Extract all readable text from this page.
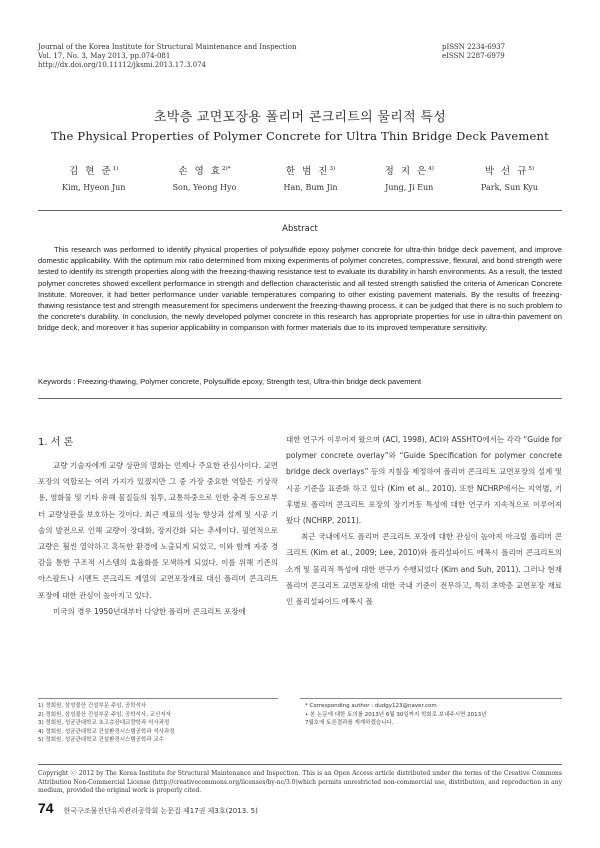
Journal of the Korea Institute for Structural Maintenance and Inspection
Vol. 17, No. 3, May 2013, pp.074-081
http://dx.doi.org/10.11112/jksmi.2013.17.3.074
pISSN 2234-6937
eISSN 2287-6979
초박층 교면포장용 폴리머 콘크리트의 물리적 특성
The Physical Properties of Polymer Concrete for Ultra Thin Bridge Deck Pavement
김 현 준$^{1)}$
Kim, Hyeon Jun
손 영 효$^{2)*}$
Son, Yeong Hyo
한 범 진$^{3)}$
Han, Bum Jin
정 지 은$^{4)}$
Jung, Ji Eun
박 선 규$^{5)}$
Park, Sun Kyu
Abstract

This research was performed to identify physical properties of polysulfide epoxy polymer concrete for ultra-thin bridge deck pavement, and improve domestic applicability. With the optimum mix ratio determined from mixing experiments of polymer concretes, compressive, flexural, and bond strength were tested to identify its strength properties along with the freezing-thawing resistance test to evaluate its durability in harsh environments. As a result, the tested polymer concretes showed excellent performance in strength and deflection characteristic and all tested strength satisfied the criteria of American Concrete Institute. Moreover, it had better performance under variable temperatures comparing to other existing pavement materials. By the results of freezing-thawing resistance test and strength measurement for specimens underwent the freezing-thawing process, it can be judged that there is no such problem to the concrete's durability. In conclusion, the newly developed polymer concrete in this research has appropriate properties for use in ultra-thin pavement on bridge deck, and moreover it has superior applicability in comparison with former materials due to its improved temperature sensitivity.

Keywords : Freezing-thawing, Polymer concrete, Polysulfide epoxy, Strength test, Ultra-thin bridge deck pavement
1. 서 론

교량 기술자에게 교량 상판의 열화는 언제나 주요한 관심사이다. 교면포장의 역할로는 여러 가지가 있겠지만 그 중 가장 중요한 역할은 기상작용, 염화물 및 기타 유해 물질들의 침투, 교통하중으로 인한 충격 등으로부터 교량상판을 보호하는 것이다. 최근 재료의 성능 향상과 설계 및 시공 기술의 발전으로 인해 교량이 장대화, 장지간화 되는 추세이다. 필연적으로 교량은 훨씬 열악하고 혹독한 환경에 노출되게 되었고, 이와 함께 자중 경감을 통한 구조적 시스템의 효율화를 모색하게 되었다. 이를 위해 기존의 아스팔트나 시멘트 콘크리트 계열의 교면포장재료 대신 폴리머 콘크리트 포장에 대한 관심이 높아지고 있다.

미국의 경우 1950년대부터 다양한 폴리머 콘크리트 포장에

대한 연구가 이루어져 왔으며 (ACI, 1998), ACI와 ASSHTO에서는 각각 “Guide for polymer concrete overlay”와 “Guide Specification for polymer concrete bridge deck overlays” 등의 지침을 제정하여 폴리머 콘크리트 교면포장의 설계 및 시공 기준을 표준화 하고 있다 (Kim et al., 2010). 또한 NCHRP에서는 지역별, 기후별로 폴리머 콘크리트 포장의 장기거동 특성에 대한 연구가 지속적으로 이루어져 왔다 (NCHRP, 2011).

최근 국내에서도 폴리머 콘크리트 포장에 대한 관심이 높아져 아크릴 폴리머 콘크리트 (Kim et al., 2009; Lee, 2010)와 폴리설파이드 에폭시 폴리머 콘크리트의 소개 및 물리적 특성에 대한 연구가 수행되었다 (Kim and Suh, 2011). 그러나 현재 폴리머 콘크리트 교면포장에 대한 국내 기준이 전무하고, 특히 초박층 교면포장 재료인 폴리설파이드 에폭시 폴

1) 정회원, 삼성물산 건설부문 주임, 공학석사
2) 정회원, 삼성물산 건설부문 주임, 공학석사, 교신저자
3) 정회원, 성균관대학교 초고층장대교량학과 석사과정
4) 정회원, 성균관대학교 건설환경시스템공학과 석사과정
5) 정회원, 성균관대학교 건설환경시스템공학과 교수
* Corresponding author : dudgy123@naver.com
• 본 논문에 대한 토의를 2013년 6월 30일까지 학회로 보내주시면 2013년
7월호에 토론결과를 게재하겠습니다.
Copyright ⓒ 2012 by The Korea Institute for Structural Maintenance and Inspection. This is an Open Access article distributed under the terms of the Creative Commons Attribution Non-Commercial License (http://creativecommons.org/licenses/by-nc/3.0)which permits unrestricted non-commercial use, distribution, and reproduction in any medium, provided the original work is properly cited.
74 한국구조물진단유지관리공학회 논문집 제17권 제3호(2013. 5)
